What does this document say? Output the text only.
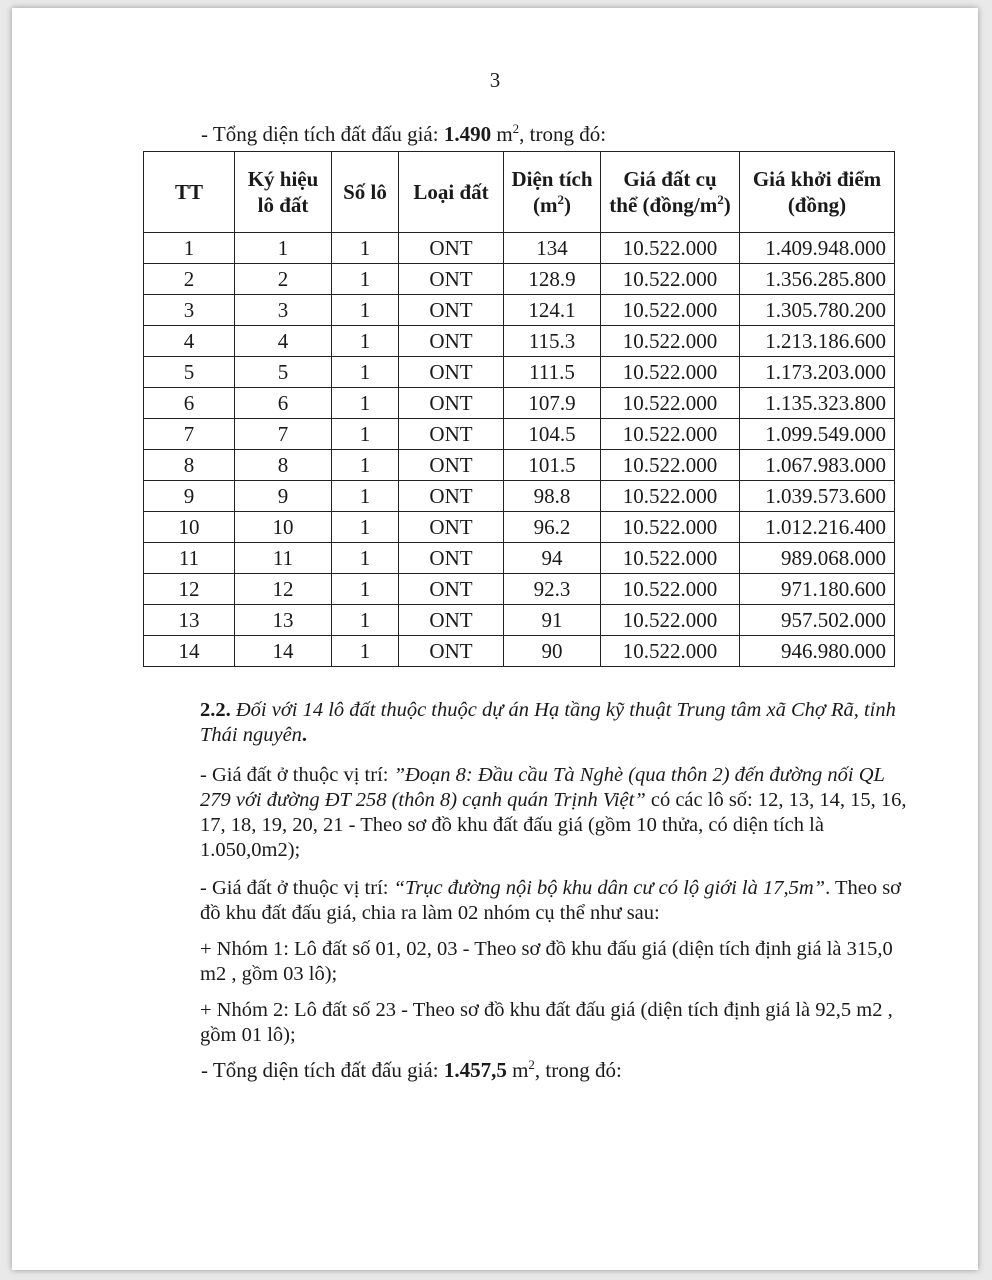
3
- Tổng diện tích đất đấu giá: 1.490 $m^2$, trong đó:
TT	Ký hiệu lô đất	Số lô	Loại đất	Diện tích $(m^2)$	Giá đất cụ thể $(đồng/m^2)$	Giá khởi điểm (đồng)
1	1	1	ONT	134	10.522.000	1.409.948.000
2	2	1	ONT	128.9	10.522.000	1.356.285.800
3	3	1	ONT	124.1	10.522.000	1.305.780.200
4	4	1	ONT	115.3	10.522.000	1.213.186.600
5	5	1	ONT	111.5	10.522.000	1.173.203.000
6	6	1	ONT	107.9	10.522.000	1.135.323.800
7	7	1	ONT	104.5	10.522.000	1.099.549.000
8	8	1	ONT	101.5	10.522.000	1.067.983.000
9	9	1	ONT	98.8	10.522.000	1.039.573.600
10	10	1	ONT	96.2	10.522.000	1.012.216.400
11	11	1	ONT	94	10.522.000	989.068.000
12	12	1	ONT	92.3	10.522.000	971.180.600
13	13	1	ONT	91	10.522.000	957.502.000
14	14	1	ONT	90	10.522.000	946.980.000
2.2. Đối với 14 lô đất thuộc thuộc dự án Hạ tầng kỹ thuật Trung tâm xã Chợ Rã, tỉnh Thái nguyên.
- Giá đất ở thuộc vị trí: ”Đoạn 8: Đầu cầu Tà Nghè (qua thôn 2) đến đường nối QL 279 với đường ĐT 258 (thôn 8) cạnh quán Trịnh Việt” có các lô số: 12, 13, 14, 15, 16, 17, 18, 19, 20, 21 - Theo sơ đồ khu đất đấu giá (gồm 10 thửa, có diện tích là 1.050,0m2);
- Giá đất ở thuộc vị trí: “Trục đường nội bộ khu dân cư có lộ giới là 17,5m”. Theo sơ đồ khu đất đấu giá, chia ra làm 02 nhóm cụ thể như sau:
+ Nhóm 1: Lô đất số 01, 02, 03 - Theo sơ đồ khu đấu giá (diện tích định giá là 315,0 m2 , gồm 03 lô);
+ Nhóm 2: Lô đất số 23 - Theo sơ đồ khu đất đấu giá (diện tích định giá là 92,5 m2 , gồm 01 lô);
- Tổng diện tích đất đấu giá: 1.457,5 $m^2$, trong đó:
